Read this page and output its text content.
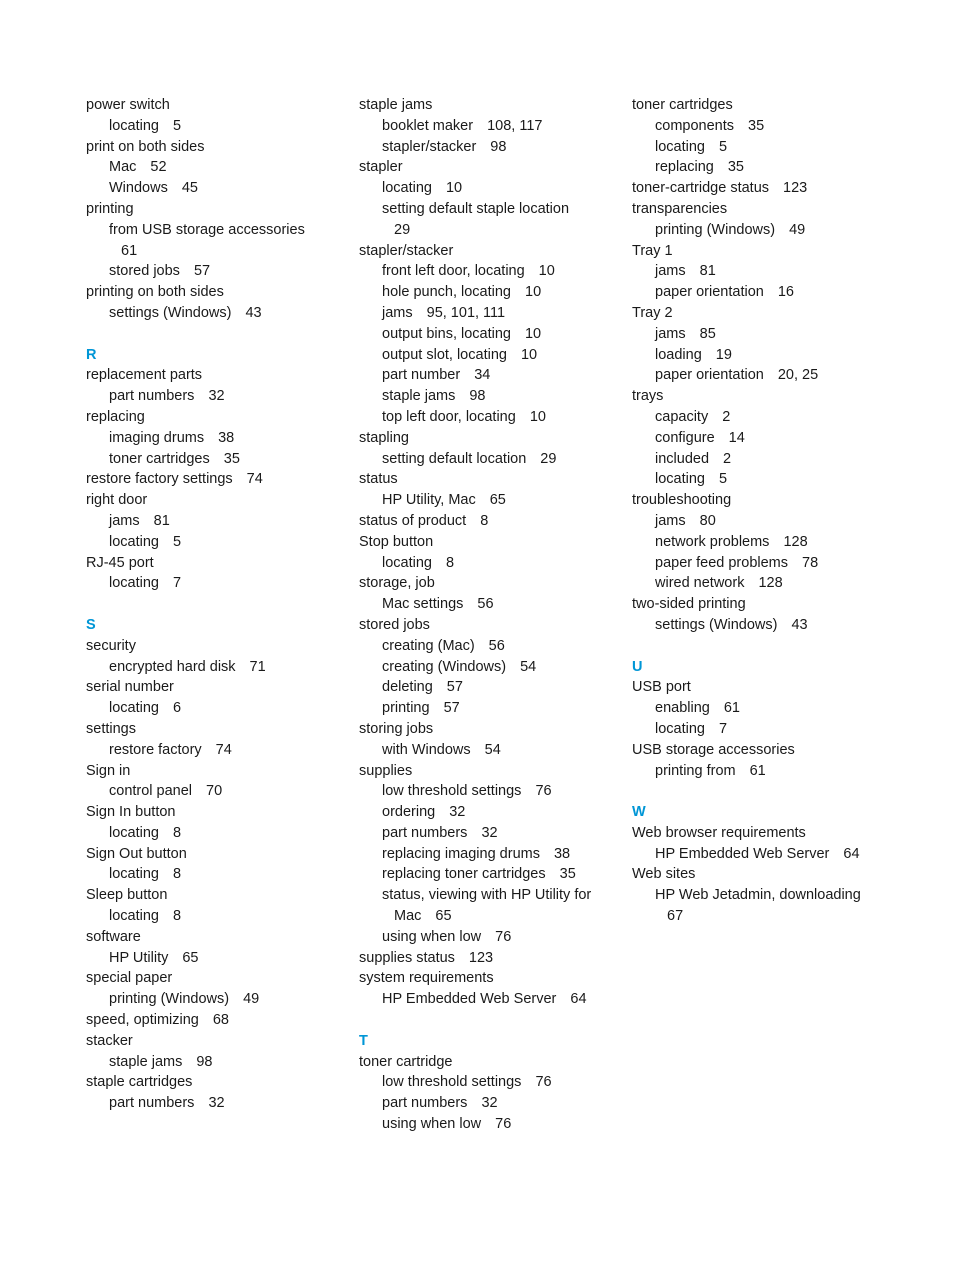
power switch
locating 5
print on both sides
Mac 52
Windows 45
printing
from USB storage accessories
61
stored jobs 57
printing on both sides
settings (Windows) 43
R
replacement parts
part numbers 32
replacing
imaging drums 38
toner cartridges 35
restore factory settings 74
right door
jams 81
locating 5
RJ-45 port
locating 7
S
security
encrypted hard disk 71
serial number
locating 6
settings
restore factory 74
Sign in
control panel 70
Sign In button
locating 8
Sign Out button
locating 8
Sleep button
locating 8
software
HP Utility 65
special paper
printing (Windows) 49
speed, optimizing 68
stacker
staple jams 98
staple cartridges
part numbers 32
staple jams
booklet maker 108, 117
stapler/stacker 98
stapler
locating 10
setting default staple location
29
stapler/stacker
front left door, locating 10
hole punch, locating 10
jams 95, 101, 111
output bins, locating 10
output slot, locating 10
part number 34
staple jams 98
top left door, locating 10
stapling
setting default location 29
status
HP Utility, Mac 65
status of product 8
Stop button
locating 8
storage, job
Mac settings 56
stored jobs
creating (Mac) 56
creating (Windows) 54
deleting 57
printing 57
storing jobs
with Windows 54
supplies
low threshold settings 76
ordering 32
part numbers 32
replacing imaging drums 38
replacing toner cartridges 35
status, viewing with HP Utility for
Mac 65
using when low 76
supplies status 123
system requirements
HP Embedded Web Server 64
T
toner cartridge
low threshold settings 76
part numbers 32
using when low 76
toner cartridges
components 35
locating 5
replacing 35
toner-cartridge status 123
transparencies
printing (Windows) 49
Tray 1
jams 81
paper orientation 16
Tray 2
jams 85
loading 19
paper orientation 20, 25
trays
capacity 2
configure 14
included 2
locating 5
troubleshooting
jams 80
network problems 128
paper feed problems 78
wired network 128
two-sided printing
settings (Windows) 43
U
USB port
enabling 61
locating 7
USB storage accessories
printing from 61
W
Web browser requirements
HP Embedded Web Server 64
Web sites
HP Web Jetadmin, downloading
67
